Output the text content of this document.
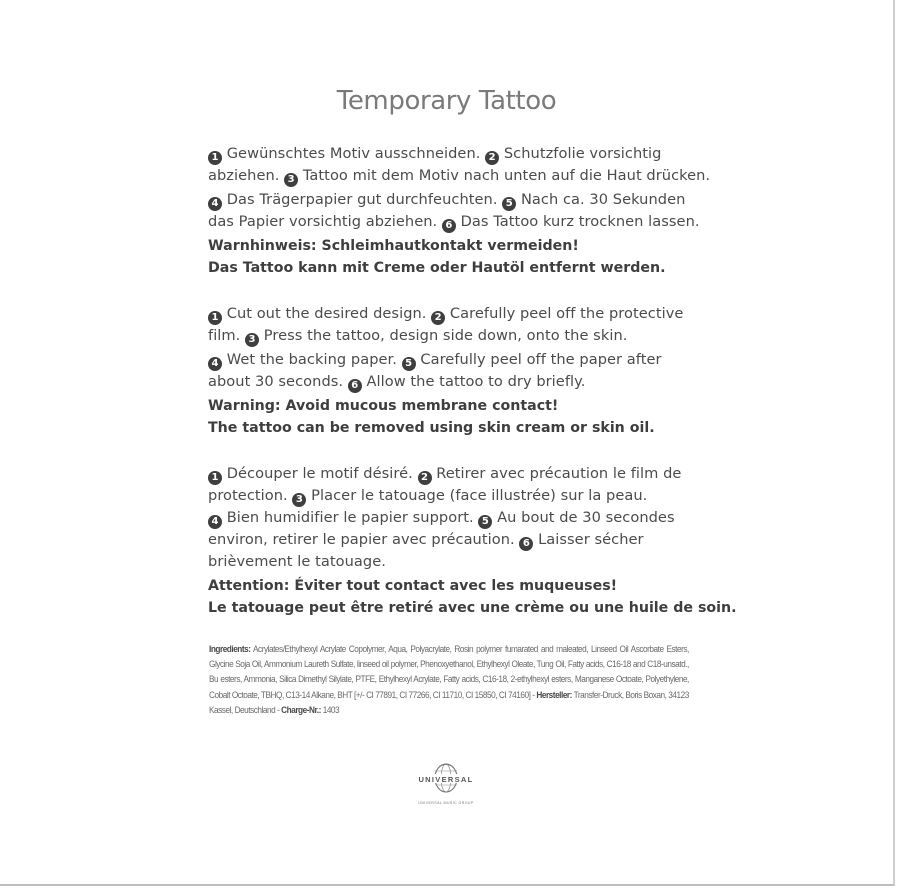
Temporary Tattoo
1 Gewünschtes Motiv ausschneiden. 2 Schutzfolie vorsichtig
abziehen. 3 Tattoo mit dem Motiv nach unten auf die Haut drücken.
4 Das Trägerpapier gut durchfeuchten. 5 Nach ca. 30 Sekunden
das Papier vorsichtig abziehen. 6 Das Tattoo kurz trocknen lassen.
Warnhinweis: Schleimhautkontakt vermeiden!
Das Tattoo kann mit Creme oder Hautöl entfernt werden.
1 Cut out the desired design. 2 Carefully peel off the protective
film. 3 Press the tattoo, design side down, onto the skin.
4 Wet the backing paper. 5 Carefully peel off the paper after
about 30 seconds. 6 Allow the tattoo to dry briefly.
Warning: Avoid mucous membrane contact!
The tattoo can be removed using skin cream or skin oil.
1 Découper le motif désiré. 2 Retirer avec précaution le film de
protection. 3 Placer le tatouage (face illustrée) sur la peau.
4 Bien humidifier le papier support. 5 Au bout de 30 secondes
environ, retirer le papier avec précaution. 6 Laisser sécher
brièvement le tatouage.
Attention: Éviter tout contact avec les muqueuses!
Le tatouage peut être retiré avec une crème ou une huile de soin.
Ingredients: Acrylates/Ethylhexyl Acrylate Copolymer, Aqua, Polyacrylate, Rosin polymer fumarated and maleated, Linseed Oil Ascorbate Esters, Glycine Soja Oil, Ammonium Laureth Sulfate, linseed oil polymer, Phenoxyethanol, Ethylhexyl Oleate, Tung Oil, Fatty acids, C16-18 and C18-unsatd., Bu esters, Ammonia, Silica Dimethyl Silylate, PTFE, Ethylhexyl Acrylate, Fatty acids, C16-18, 2-ethylhexyl esters, Manganese Octoate, Polyethylene, Cobalt Octoate, TBHQ, C13-14 Alkane, BHT [+/- CI 77891, CI 77266, CI 11710, CI 15850, CI 74160] - Hersteller: Transfer-Druck, Boris Boxan, 34123 Kassel, Deutschland - Charge-Nr.: 1403
UNIVERSAL
UNIVERSAL MUSIC GROUP
